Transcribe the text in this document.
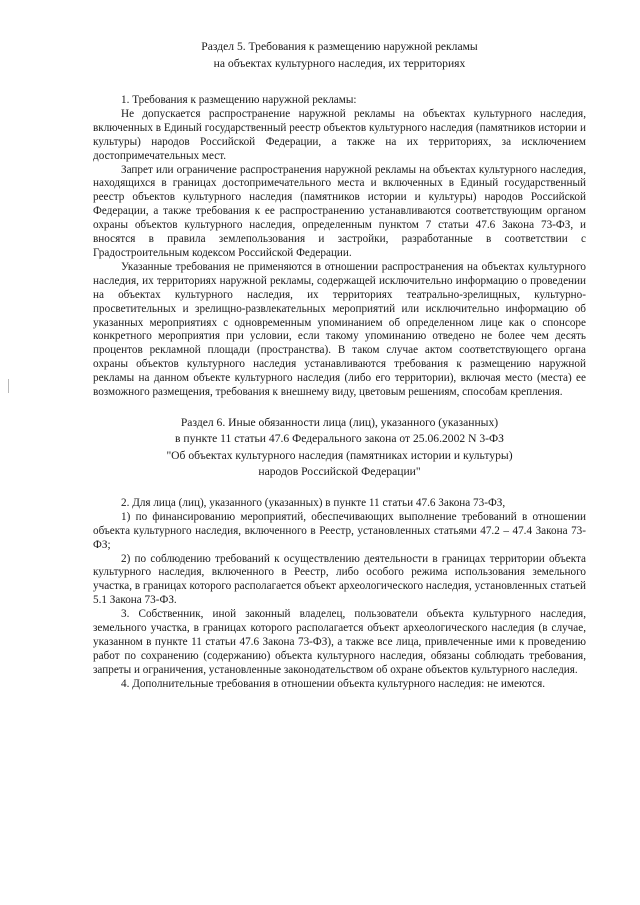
Раздел 5. Требования к размещению наружной рекламы

на объектах культурного наследия, их территориях

1. Требования к размещению наружной рекламы:

Не допускается распространение наружной рекламы на объектах культурного наследия, включенных в Единый государственный реестр объектов культурного наследия (памятников истории и культуры) народов Российской Федерации, а также на их территориях, за исключением достопримечательных мест.

Запрет или ограничение распространения наружной рекламы на объектах культурного наследия, находящихся в границах достопримечательного места и включенных в Единый государственный реестр объектов культурного наследия (памятников истории и культуры) народов Российской Федерации, а также требования к ее распространению устанавливаются соответствующим органом охраны объектов культурного наследия, определенным пунктом 7 статьи 47.6 Закона 73-ФЗ, и вносятся в правила землепользования и застройки, разработанные в соответствии с Градостроительным кодексом Российской Федерации.

Указанные требования не применяются в отношении распространения на объектах культурного наследия, их территориях наружной рекламы, содержащей исключительно информацию о проведении на объектах культурного наследия, их территориях театрально-зрелищных, культурно-просветительных и зрелищно-развлекательных мероприятий или исключительно информацию об указанных мероприятиях с одновременным упоминанием об определенном лице как о спонсоре конкретного мероприятия при условии, если такому упоминанию отведено не более чем десять процентов рекламной площади (пространства). В таком случае актом соответствующего органа охраны объектов культурного наследия устанавливаются требования к размещению наружной рекламы на данном объекте культурного наследия (либо его территории), включая место (места) ее возможного размещения, требования к внешнему виду, цветовым решениям, способам крепления.

Раздел 6. Иные обязанности лица (лиц), указанного (указанных)

в пункте 11 статьи 47.6 Федерального закона от 25.06.2002 N 3-ФЗ

"Об объектах культурного наследия (памятниках истории и культуры)

народов Российской Федерации"

2. Для лица (лиц), указанного (указанных) в пункте 11 статьи 47.6 Закона 73-ФЗ,

1) по финансированию мероприятий, обеспечивающих выполнение требований в отношении объекта культурного наследия, включенного в Реестр, установленных статьями 47.2 – 47.4 Закона 73-ФЗ;

2) по соблюдению требований к осуществлению деятельности в границах территории объекта культурного наследия, включенного в Реестр, либо особого режима использования земельного участка, в границах которого располагается объект археологического наследия, установленных статьей 5.1 Закона 73-ФЗ.

3. Собственник, иной законный владелец, пользователи объекта культурного наследия, земельного участка, в границах которого располагается объект археологического наследия (в случае, указанном в пункте 11 статьи 47.6 Закона 73-ФЗ), а также все лица, привлеченные ими к проведению работ по сохранению (содержанию) объекта культурного наследия, обязаны соблюдать требования, запреты и ограничения, установленные законодательством об охране объектов культурного наследия.

4. Дополнительные требования в отношении объекта культурного наследия: не имеются.
